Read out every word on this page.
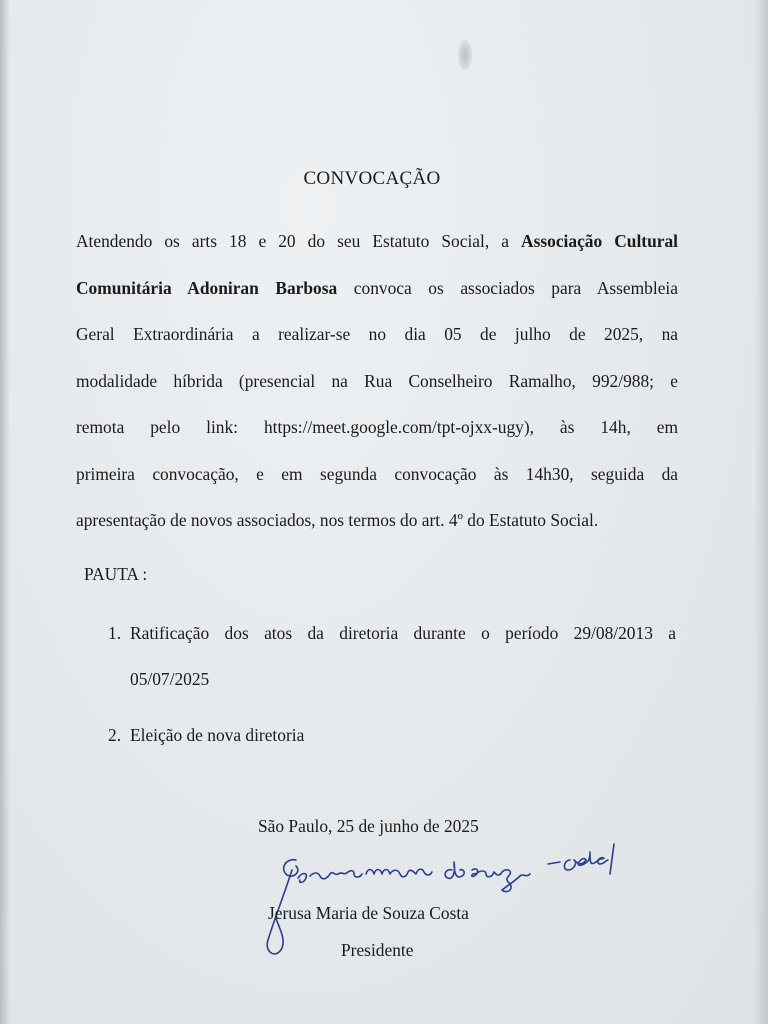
CONVOCAÇÃO
Atendendo os arts 18 e 20 do seu Estatuto Social, a Associação Cultural
Comunitária Adoniran Barbosa convoca os associados para Assembleia
Geral Extraordinária a realizar-se no dia 05 de julho de 2025, na
modalidade híbrida (presencial na Rua Conselheiro Ramalho, 992/988; e
remota pelo link: https://meet.google.com/tpt-ojxx-ugy), às 14h, em
primeira convocação, e em segunda convocação às 14h30, seguida da
apresentação de novos associados, nos termos do art. 4º do Estatuto Social.
PAUTA :
1. Ratificação dos atos da diretoria durante o período 29/08/2013 a
05/07/2025
2. Eleição de nova diretoria
São Paulo, 25 de junho de 2025
Jerusa Maria de Souza Costa
Presidente
